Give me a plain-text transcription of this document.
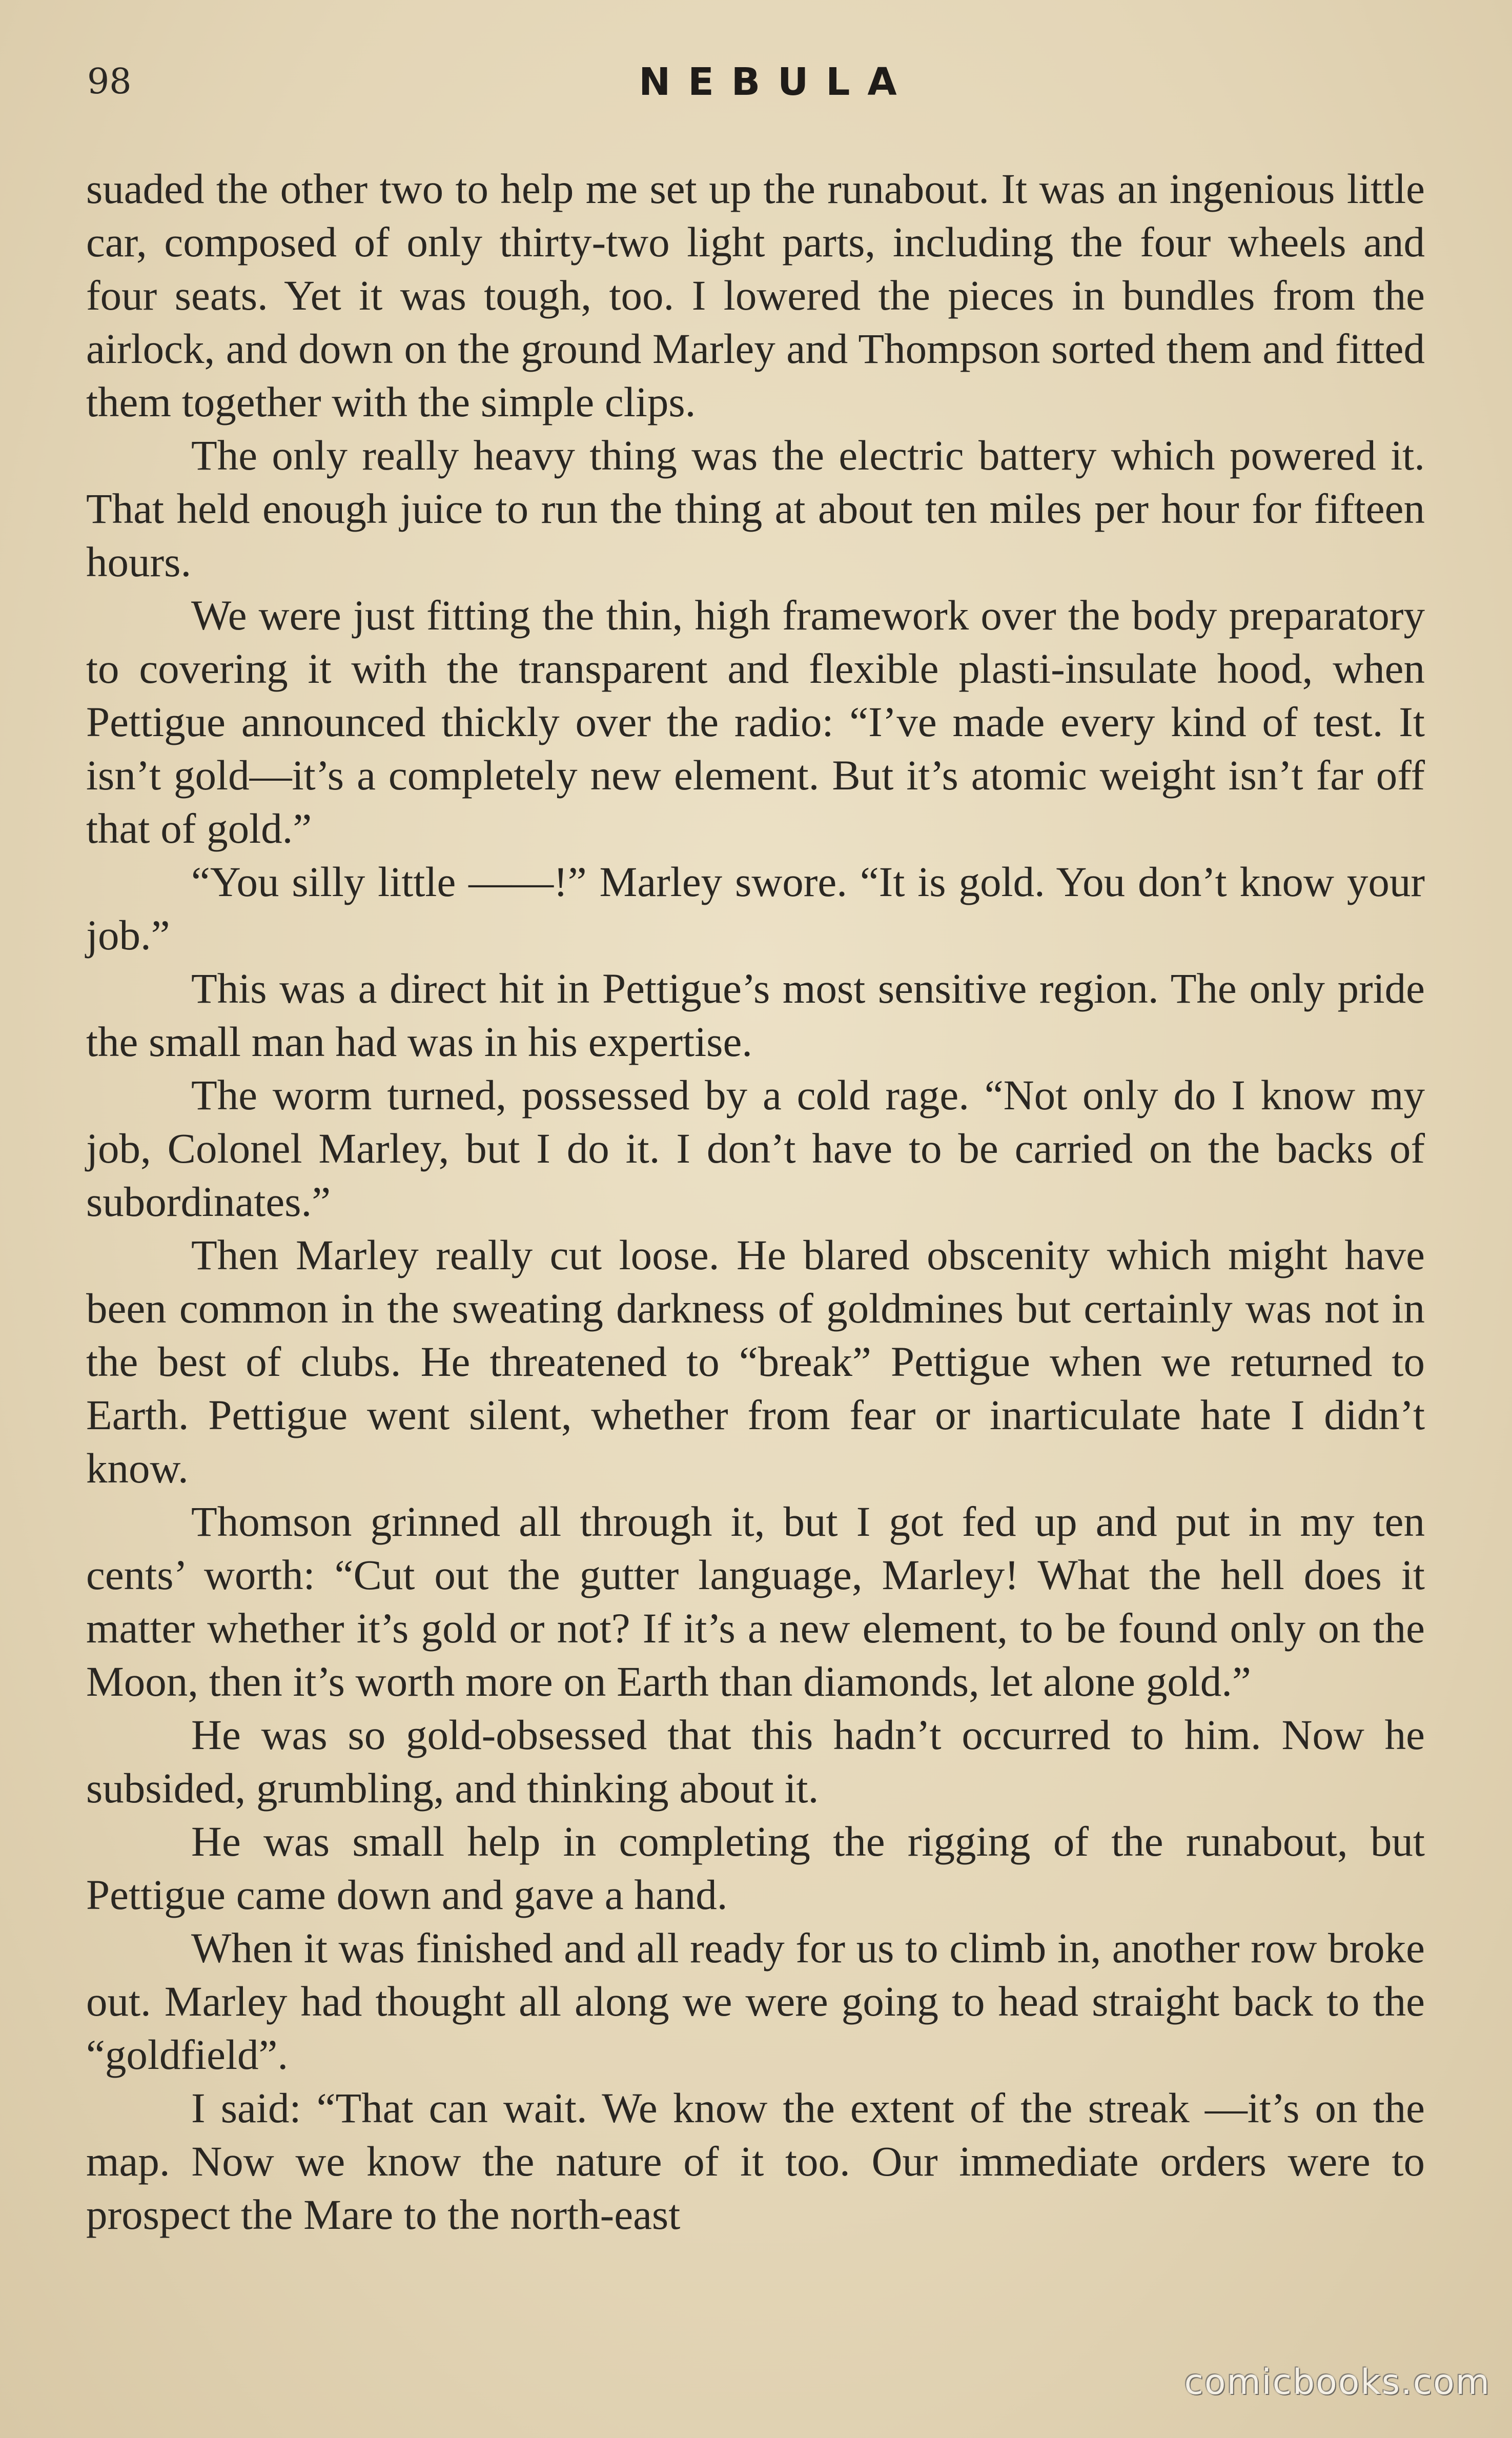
98	NEBULA

suaded the other two to help me set up the runabout. It was an ingenious little car, composed of only thirty-two light parts, including the four wheels and four seats. Yet it was tough, too. I lowered the pieces in bundles from the airlock, and down on the ground Marley and Thompson sorted them and fitted them together with the simple clips.

The only really heavy thing was the electric battery which powered it. That held enough juice to run the thing at about ten miles per hour for fifteen hours.

We were just fitting the thin, high framework over the body preparatory to covering it with the transparent and flexible plasti-insulate hood, when Pettigue announced thickly over the radio: “I’ve made every kind of test. It isn’t gold—it’s a completely new element. But it’s atomic weight isn’t far off that of gold.”

“You silly little ——!” Marley swore. “It is gold. You don’t know your job.”

This was a direct hit in Pettigue’s most sensitive region. The only pride the small man had was in his expertise.

The worm turned, possessed by a cold rage. “Not only do I know my job, Colonel Marley, but I do it. I don’t have to be carried on the backs of subordinates.”

Then Marley really cut loose. He blared obscenity which might have been common in the sweating darkness of goldmines but certainly was not in the best of clubs. He threatened to “break” Pettigue when we returned to Earth. Pettigue went silent, whether from fear or inarticulate hate I didn’t know.

Thomson grinned all through it, but I got fed up and put in my ten cents’ worth: “Cut out the gutter language, Marley! What the hell does it matter whether it’s gold or not? If it’s a new element, to be found only on the Moon, then it’s worth more on Earth than diamonds, let alone gold.”

He was so gold-obsessed that this hadn’t occurred to him. Now he subsided, grumbling, and thinking about it.

He was small help in completing the rigging of the runabout, but Pettigue came down and gave a hand.

When it was finished and all ready for us to climb in, another row broke out. Marley had thought all along we were going to head straight back to the “goldfield”.

I said: “That can wait. We know the extent of the streak —it’s on the map. Now we know the nature of it too. Our immediate orders were to prospect the Mare to the north-east

comicbooks.com
